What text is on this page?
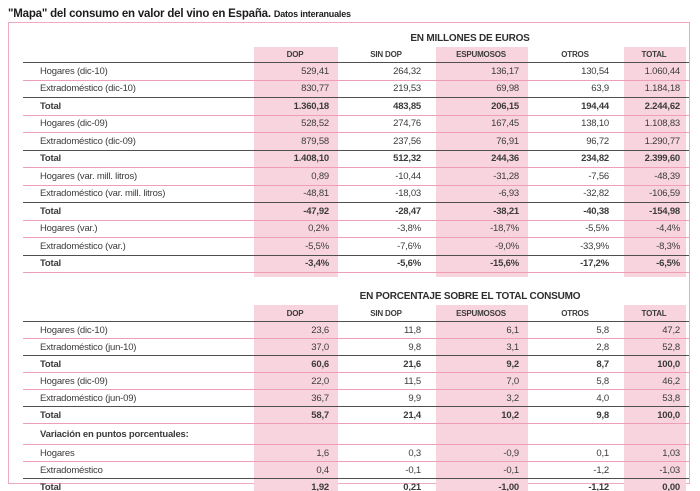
"Mapa" del consumo en valor del vino en España. Datos interanuales
EN MILLONES DE EUROS
DOP	SIN DOP	ESPUMOSOS	OTROS	TOTAL
Hogares (dic-10)	529,41	264,32	136,17	130,54	1.060,44
Extradoméstico (dic-10)	830,77	219,53	69,98	63,9	1.184,18
Total	1.360,18	483,85	206,15	194,44	2.244,62
Hogares (dic-09)	528,52	274,76	167,45	138,10	1.108,83
Extradoméstico (dic-09)	879,58	237,56	76,91	96,72	1.290,77
Total	1.408,10	512,32	244,36	234,82	2.399,60
Hogares (var. mill. litros)	0,89	-10,44	-31,28	-7,56	-48,39
Extradoméstico (var. mill. litros)	-48,81	-18,03	-6,93	-32,82	-106,59
Total	-47,92	-28,47	-38,21	-40,38	-154,98
Hogares (var.)	0,2%	-3,8%	-18,7%	-5,5%	-4,4%
Extradoméstico (var.)	-5,5%	-7,6%	-9,0%	-33,9%	-8,3%
Total	-3,4%	-5,6%	-15,6%	-17,2%	-6,5%
EN PORCENTAJE SOBRE EL TOTAL CONSUMO
DOP	SIN DOP	ESPUMOSOS	OTROS	TOTAL
Hogares (dic-10)	23,6	11,8	6,1	5,8	47,2
Extradoméstico (jun-10)	37,0	9,8	3,1	2,8	52,8
Total	60,6	21,6	9,2	8,7	100,0
Hogares (dic-09)	22,0	11,5	7,0	5,8	46,2
Extradoméstico (jun-09)	36,7	9,9	3,2	4,0	53,8
Total	58,7	21,4	10,2	9,8	100,0
Variación en puntos porcentuales:
Hogares	1,6	0,3	-0,9	0,1	1,03
Extradoméstico	0,4	-0,1	-0,1	-1,2	-1,03
Total	1,92	0,21	-1,00	-1,12	0,00
